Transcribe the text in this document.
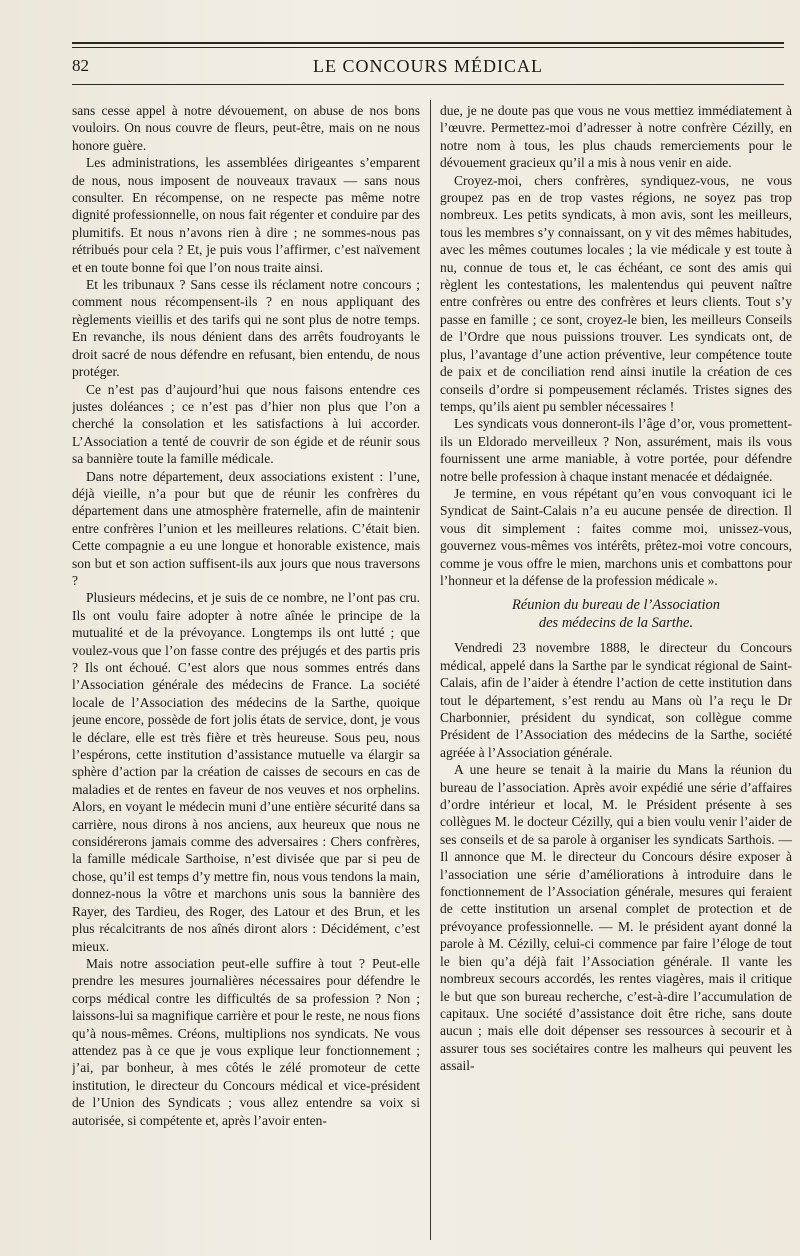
82	LE CONCOURS MÉDICAL

sans cesse appel à notre dévouement, on abuse de nos bons vouloirs. On nous couvre de fleurs, peut-être, mais on ne nous honore guère.

Les administrations, les assemblées dirigeantes s’emparent de nous, nous imposent de nouveaux travaux — sans nous consulter. En récompense, on ne respecte pas même notre dignité professionnelle, on nous fait régenter et conduire par des plumitifs. Et nous n’avons rien à dire ; ne sommes-nous pas rétribués pour cela ? Et, je puis vous l’affirmer, c’est naïvement et en toute bonne foi que l’on nous traite ainsi.

Et les tribunaux ? Sans cesse ils réclament notre concours ; comment nous récompensent-ils ? en nous appliquant des règlements vieillis et des tarifs qui ne sont plus de notre temps. En revanche, ils nous dénient dans des arrêts foudroyants le droit sacré de nous défendre en refusant, bien entendu, de nous protéger.

Ce n’est pas d’aujourd’hui que nous faisons entendre ces justes doléances ; ce n’est pas d’hier non plus que l’on a cherché la consolation et les satisfactions à lui accorder. L’Association a tenté de couvrir de son égide et de réunir sous sa bannière toute la famille médicale.

Dans notre département, deux associations existent : l’une, déjà vieille, n’a pour but que de réunir les confrères du département dans une atmosphère fraternelle, afin de maintenir entre confrères l’union et les meilleures relations. C’était bien. Cette compagnie a eu une longue et honorable existence, mais son but et son action suffisent-ils aux jours que nous traversons ?

Plusieurs médecins, et je suis de ce nombre, ne l’ont pas cru. Ils ont voulu faire adopter à notre aînée le principe de la mutualité et de la prévoyance. Longtemps ils ont lutté ; que voulez-vous que l’on fasse contre des préjugés et des partis pris ? Ils ont échoué. C’est alors que nous sommes entrés dans l’Association générale des médecins de France. La société locale de l’Association des médecins de la Sarthe, quoique jeune encore, possède de fort jolis états de service, dont, je vous le déclare, elle est très fière et très heureuse. Sous peu, nous l’espérons, cette institution d’assistance mutuelle va élargir sa sphère d’action par la création de caisses de secours en cas de maladies et de rentes en faveur de nos veuves et nos orphelins. Alors, en voyant le médecin muni d’une entière sécurité dans sa carrière, nous dirons à nos anciens, aux heureux que nous ne considérerons jamais comme des adversaires : Chers confrères, la famille médicale Sarthoise, n’est divisée que par si peu de chose, qu’il est temps d’y mettre fin, nous vous tendons la main, donnez-nous la vôtre et marchons unis sous la bannière des Rayer, des Tardieu, des Roger, des Latour et des Brun, et les plus récalcitrants de nos aînés diront alors : Décidément, c’est mieux.

Mais notre association peut-elle suffire à tout ? Peut-elle prendre les mesures journalières nécessaires pour défendre le corps médical contre les difficultés de sa profession ? Non ; laissons-lui sa magnifique carrière et pour le reste, ne nous fions qu’à nous-mêmes. Créons, multiplions nos syndicats. Ne vous attendez pas à ce que je vous explique leur fonctionnement ; j’ai, par bonheur, à mes côtés le zélé promoteur de cette institution, le directeur du Concours médical et vice-président de l’Union des Syndicats ; vous allez entendre sa voix si autorisée, si compétente et, après l’avoir enten-

due, je ne doute pas que vous ne vous mettiez immédiatement à l’œuvre. Permettez-moi d’adresser à notre confrère Cézilly, en notre nom à tous, les plus chauds remerciements pour le dévouement gracieux qu’il a mis à nous venir en aide.

Croyez-moi, chers confrères, syndiquez-vous, ne vous groupez pas en de trop vastes régions, ne soyez pas trop nombreux. Les petits syndicats, à mon avis, sont les meilleurs, tous les membres s’y connaissant, on y vit des mêmes habitudes, avec les mêmes coutumes locales ; la vie médicale y est toute à nu, connue de tous et, le cas échéant, ce sont des amis qui règlent les contestations, les malentendus qui peuvent naître entre confrères ou entre des confrères et leurs clients. Tout s’y passe en famille ; ce sont, croyez-le bien, les meilleurs Conseils de l’Ordre que nous puissions trouver. Les syndicats ont, de plus, l’avantage d’une action préventive, leur compétence toute de paix et de conciliation rend ainsi inutile la création de ces conseils d’ordre si pompeusement réclamés. Tristes signes des temps, qu’ils aient pu sembler nécessaires !

Les syndicats vous donneront-ils l’âge d’or, vous promettent-ils un Eldorado merveilleux ? Non, assurément, mais ils vous fournissent une arme maniable, à votre portée, pour défendre notre belle profession à chaque instant menacée et dédaignée.

Je termine, en vous répétant qu’en vous convoquant ici le Syndicat de Saint-Calais n’a eu aucune pensée de direction. Il vous dit simplement : faites comme moi, unissez-vous, gouvernez vous-mêmes vos intérêts, prêtez-moi votre concours, comme je vous offre le mien, marchons unis et combattons pour l’honneur et la défense de la profession médicale ».

Réunion du bureau de l’Association
des médecins de la Sarthe.

Vendredi 23 novembre 1888, le directeur du Concours médical, appelé dans la Sarthe par le syndicat régional de Saint-Calais, afin de l’aider à étendre l’action de cette institution dans tout le département, s’est rendu au Mans où l’a reçu le Dr Charbonnier, président du syndicat, son collègue comme Président de l’Association des médecins de la Sarthe, société agréée à l’Association générale.

A une heure se tenait à la mairie du Mans la réunion du bureau de l’association. Après avoir expédié une série d’affaires d’ordre intérieur et local, M. le Président présente à ses collègues M. le docteur Cézilly, qui a bien voulu venir l’aider de ses conseils et de sa parole à organiser les syndicats Sarthois. — Il annonce que M. le directeur du Concours désire exposer à l’association une série d’améliorations à introduire dans le fonctionnement de l’Association générale, mesures qui feraient de cette institution un arsenal complet de protection et de prévoyance professionnelle. — M. le président ayant donné la parole à M. Cézilly, celui-ci commence par faire l’éloge de tout le bien qu’a déjà fait l’Association générale. Il vante les nombreux secours accordés, les rentes viagères, mais il critique le but que son bureau recherche, c’est-à-dire l’accumulation de capitaux. Une société d’assistance doit être riche, sans doute aucun ; mais elle doit dépenser ses ressources à secourir et à assurer tous ses sociétaires contre les malheurs qui peuvent les assail-
